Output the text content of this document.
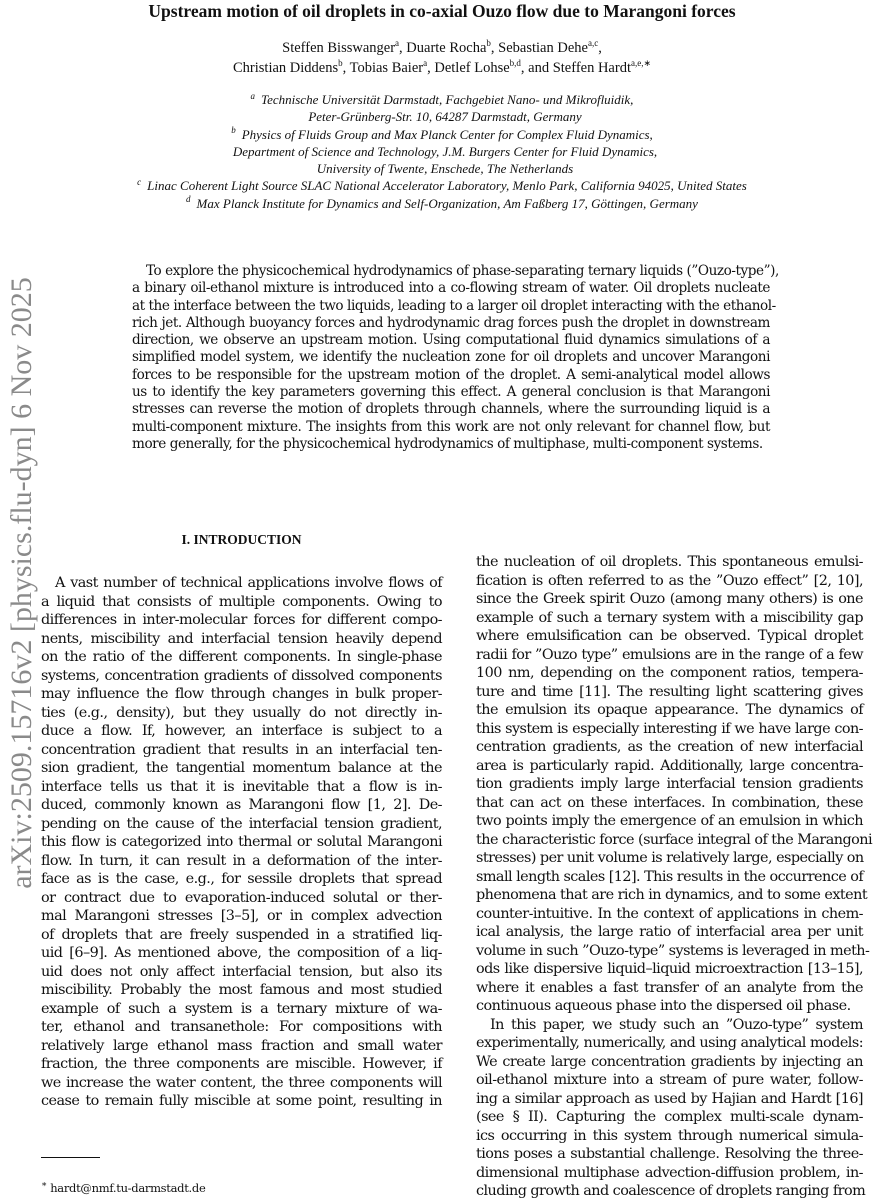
Upstream motion of oil droplets in co-axial Ouzo flow due to Marangoni forces
Steffen Bisswanger$^a$, Duarte Rocha$^b$, Sebastian Dehe$^{a,c}$,
Christian Diddens$^b$, Tobias Baier$^a$, Detlef Lohse$^{b,d}$, and Steffen Hardt$^{a,e,∗}$
$^a$ Technische Universität Darmstadt, Fachgebiet Nano- und Mikrofluidik,
Peter-Grünberg-Str. 10, 64287 Darmstadt, Germany
$^b$ Physics of Fluids Group and Max Planck Center for Complex Fluid Dynamics,
Department of Science and Technology, J.M. Burgers Center for Fluid Dynamics,
University of Twente, Enschede, The Netherlands
$^c$ Linac Coherent Light Source SLAC National Accelerator Laboratory, Menlo Park, California 94025, United States
$^d$ Max Planck Institute for Dynamics and Self-Organization, Am Faßberg 17, Göttingen, Germany
arXiv:2509.15716v2 [physics.flu-dyn] 6 Nov 2025
To explore the physicochemical hydrodynamics of phase-separating ternary liquids (”Ouzo-type”),
a binary oil-ethanol mixture is introduced into a co-flowing stream of water. Oil droplets nucleate
at the interface between the two liquids, leading to a larger oil droplet interacting with the ethanol-
rich jet. Although buoyancy forces and hydrodynamic drag forces push the droplet in downstream
direction, we observe an upstream motion. Using computational fluid dynamics simulations of a
simplified model system, we identify the nucleation zone for oil droplets and uncover Marangoni
forces to be responsible for the upstream motion of the droplet. A semi-analytical model allows
us to identify the key parameters governing this effect. A general conclusion is that Marangoni
stresses can reverse the motion of droplets through channels, where the surrounding liquid is a
multi-component mixture. The insights from this work are not only relevant for channel flow, but
more generally, for the physicochemical hydrodynamics of multiphase, multi-component systems.
I. INTRODUCTION
A vast number of technical applications involve flows of
a liquid that consists of multiple components. Owing to
differences in inter-molecular forces for different compo-
nents, miscibility and interfacial tension heavily depend
on the ratio of the different components. In single-phase
systems, concentration gradients of dissolved components
may influence the flow through changes in bulk proper-
ties (e.g., density), but they usually do not directly in-
duce a flow. If, however, an interface is subject to a
concentration gradient that results in an interfacial ten-
sion gradient, the tangential momentum balance at the
interface tells us that it is inevitable that a flow is in-
duced, commonly known as Marangoni flow [1, 2]. De-
pending on the cause of the interfacial tension gradient,
this flow is categorized into thermal or solutal Marangoni
flow. In turn, it can result in a deformation of the inter-
face as is the case, e.g., for sessile droplets that spread
or contract due to evaporation-induced solutal or ther-
mal Marangoni stresses [3–5], or in complex advection
of droplets that are freely suspended in a stratified liq-
uid [6–9]. As mentioned above, the composition of a liq-
uid does not only affect interfacial tension, but also its
miscibility. Probably the most famous and most studied
example of such a system is a ternary mixture of wa-
ter, ethanol and transanethole: For compositions with
relatively large ethanol mass fraction and small water
fraction, the three components are miscible. However, if
we increase the water content, the three components will
cease to remain fully miscible at some point, resulting in
the nucleation of oil droplets. This spontaneous emulsi-
fication is often referred to as the ”Ouzo effect” [2, 10],
since the Greek spirit Ouzo (among many others) is one
example of such a ternary system with a miscibility gap
where emulsification can be observed. Typical droplet
radii for ”Ouzo type” emulsions are in the range of a few
100 nm, depending on the component ratios, tempera-
ture and time [11]. The resulting light scattering gives
the emulsion its opaque appearance. The dynamics of
this system is especially interesting if we have large con-
centration gradients, as the creation of new interfacial
area is particularly rapid. Additionally, large concentra-
tion gradients imply large interfacial tension gradients
that can act on these interfaces. In combination, these
two points imply the emergence of an emulsion in which
the characteristic force (surface integral of the Marangoni
stresses) per unit volume is relatively large, especially on
small length scales [12]. This results in the occurrence of
phenomena that are rich in dynamics, and to some extent
counter-intuitive. In the context of applications in chem-
ical analysis, the large ratio of interfacial area per unit
volume in such ”Ouzo-type” systems is leveraged in meth-
ods like dispersive liquid–liquid microextraction [13–15],
where it enables a fast transfer of an analyte from the
continuous aqueous phase into the dispersed oil phase.
In this paper, we study such an ”Ouzo-type” system
experimentally, numerically, and using analytical models:
We create large concentration gradients by injecting an
oil-ethanol mixture into a stream of pure water, follow-
ing a similar approach as used by Hajian and Hardt [16]
(see § II). Capturing the complex multi-scale dynam-
ics occurring in this system through numerical simula-
tions poses a substantial challenge. Resolving the three-
dimensional multiphase advection-diffusion problem, in-
cluding growth and coalescence of droplets ranging from
∗ hardt@nmf.tu-darmstadt.de
